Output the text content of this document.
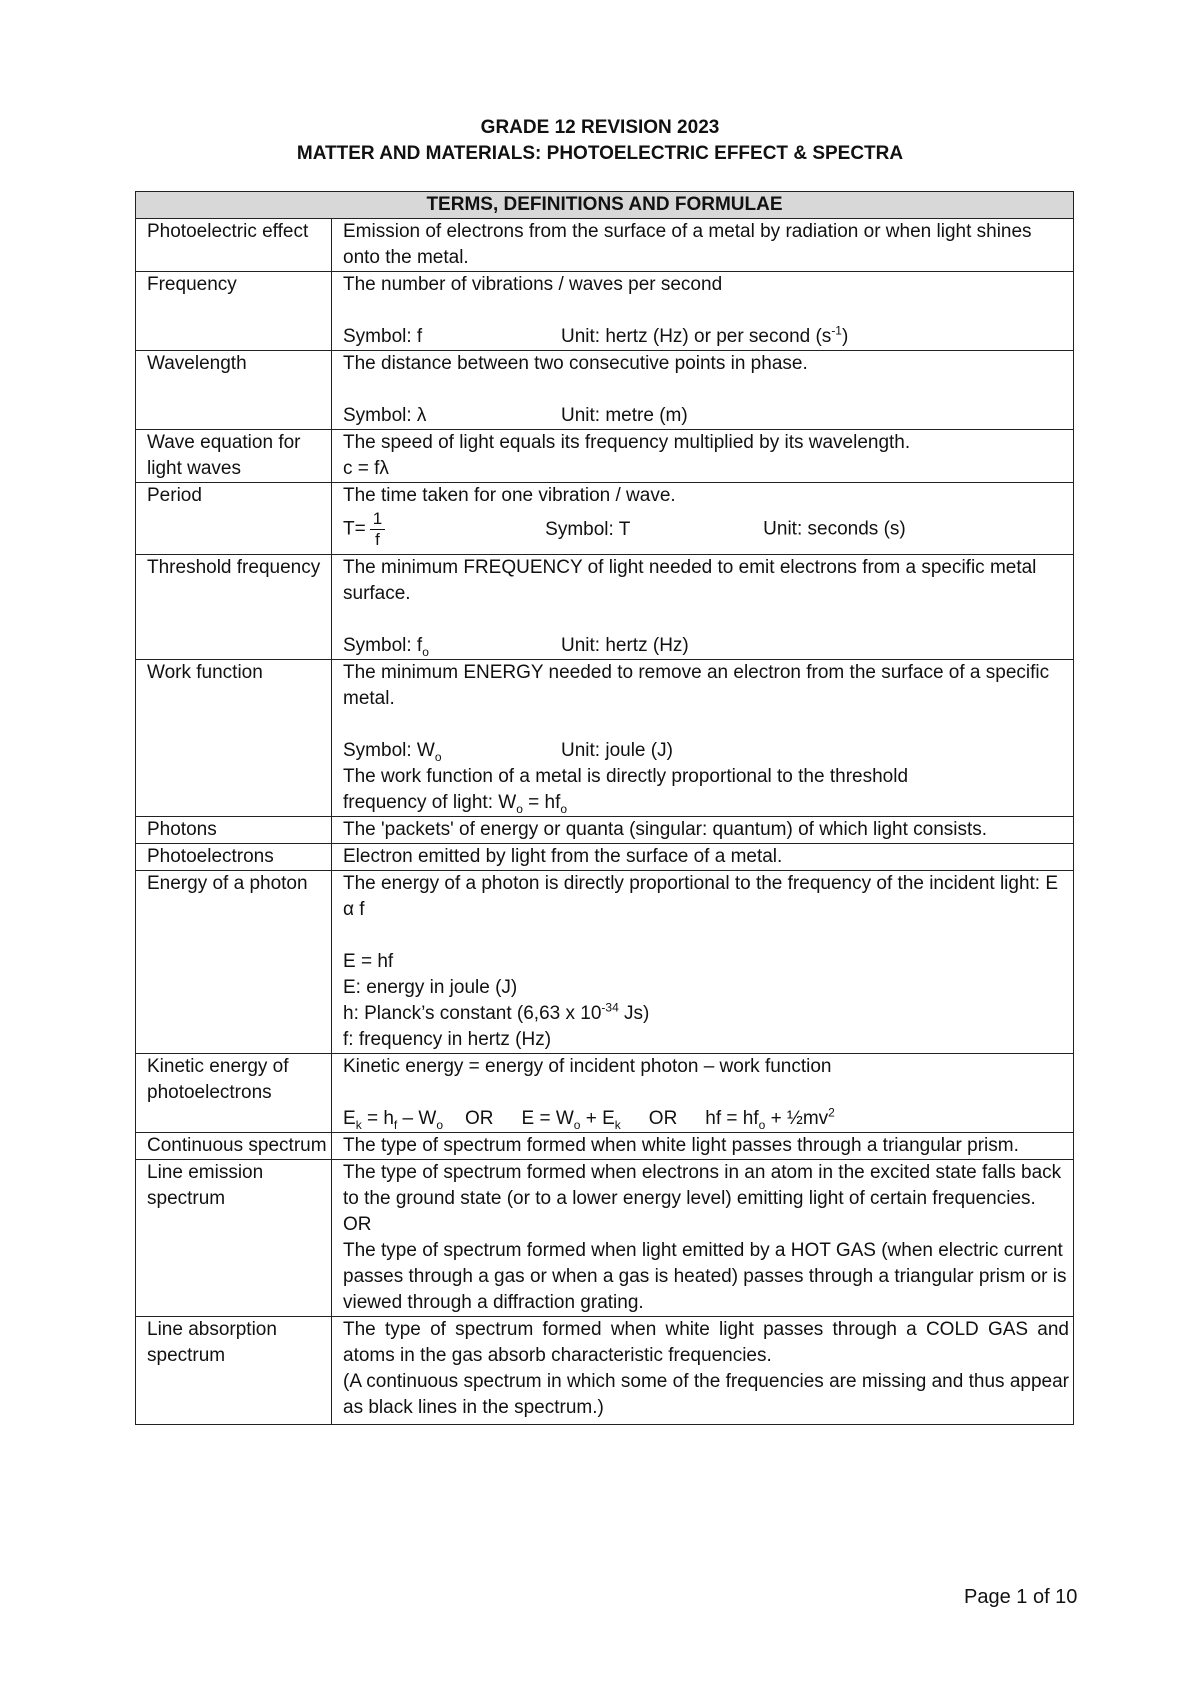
GRADE 12 REVISION 2023
MATTER AND MATERIALS: PHOTOELECTRIC EFFECT & SPECTRA
TERMS, DEFINITIONS AND FORMULAE	
Photoelectric effect	Emission of electrons from the surface of a metal by radiation or when light shines onto the metal.
Frequency	The number of vibrations / waves per second
Symbol: f Unit: hertz (Hz) or per second $(s^{-1})$

Wavelength	The distance between two consecutive points in phase.
Symbol: λ Unit: metre (m)

Wave equation for light waves	The speed of light equals its frequency multiplied by its wavelength.
c = fλ

Period	The time taken for one vibration / wave.
$T= \frac{1}{f}$ Symbol: T Unit: seconds (s)

Threshold frequency	The minimum FREQUENCY of light needed to emit electrons from a specific metal surface.
Symbol: $f_o$ Unit: hertz (Hz)

Work function	The minimum ENERGY needed to remove an electron from the surface of a specific metal.
Symbol: $W_o$ Unit: joule (J)
The work function of a metal is directly proportional to the threshold
frequency of light: $W_o = hf_o$

Photons	The 'packets' of energy or quanta (singular: quantum) of which light consists.
Photoelectrons	Electron emitted by light from the surface of a metal.
Energy of a photon	The energy of a photon is directly proportional to the frequency of the incident light: E α f
E = hf
E: energy in joule (J)
h: Planck’s constant (6,63 x $10^{-34}$ Js)
f: frequency in hertz (Hz)

Kinetic energy of photoelectrons	Kinetic energy = energy of incident photon – work function
$E_k = h_f - W_o$ OR $E = W_o + E_k$ OR hf = $hf_o$ + $\frac{1}{2}mv^2$

Continuous spectrum	The type of spectrum formed when white light passes through a triangular prism.
Line emission spectrum	The type of spectrum formed when electrons in an atom in the excited state falls back to the ground state (or to a lower energy level) emitting light of certain frequencies.
OR
The type of spectrum formed when light emitted by a HOT GAS (when electric current passes through a gas or when a gas is heated) passes through a triangular prism or is viewed through a diffraction grating.

Line absorption spectrum	The type of spectrum formed when white light passes through a COLD GAS and atoms in the gas absorb characteristic frequencies.
(A continuous spectrum in which some of the frequencies are missing and thus appear as black lines in the spectrum.)
Page 1 of 10
